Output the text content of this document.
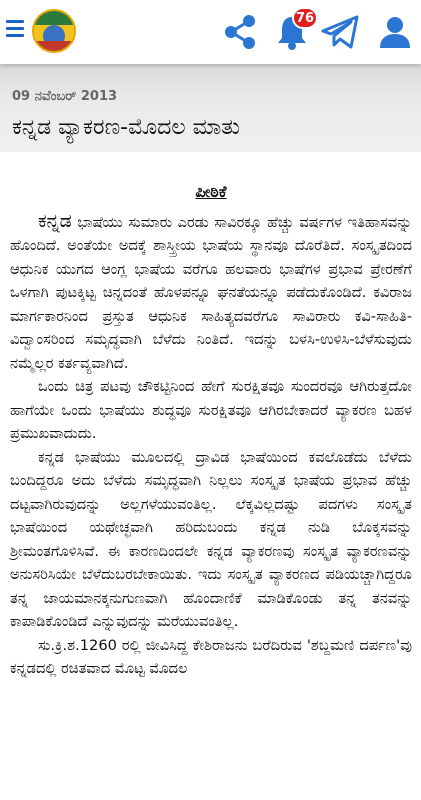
76
09 ನವೆಂಬರ್ 2013
ಕನ್ನಡ ವ್ಯಾಕರಣ-ಮೊದಲ ಮಾತು

ಪೀಠಿಕೆ

ಕನ್ನಡ ಭಾಷೆಯು ಸುಮಾರು ಎರಡು ಸಾವಿರಕ್ಕೂ ಹೆಚ್ಚು ವರ್ಷಗಳ ಇತಿಹಾಸವನ್ನು ಹೊಂದಿದೆ. ಅಂತೆಯೇ ಅದಕ್ಕೆ ಶಾಸ್ತ್ರೀಯ ಭಾಷೆಯ ಸ್ಥಾನವೂ ದೊರೆತಿದೆ. ಸಂಸ್ಕೃತದಿಂದ ಆಧುನಿಕ ಯುಗದ ಆಂಗ್ಲ ಭಾಷೆಯ ವರೆಗೂ ಹಲವಾರು ಭಾಷೆಗಳ ಪ್ರಭಾವ ಪ್ರೇರಣೆಗೆ ಒಳಗಾಗಿ ಪುಟಕ್ಕಿಟ್ಟ ಚಿನ್ನದಂತೆ ಹೊಳಪನ್ನೂ ಘನತೆಯನ್ನೂ ಪಡೆದುಕೊಂಡಿದೆ. ಕವಿರಾಜ ಮಾರ್ಗಕಾರನಿಂದ ಪ್ರಸ್ತುತ ಆಧುನಿಕ ಸಾಹಿತ್ಯದವರೆಗೂ ಸಾವಿರಾರು ಕವಿ-ಸಾಹಿತಿ-ವಿದ್ವಾಂಸರಿಂದ ಸಮೃದ್ಧವಾಗಿ ಬೆಳೆದು ನಿಂತಿದೆ. ಇದನ್ನು ಬಳಸಿ-ಉಳಿಸಿ-ಬೆಳೆಸುವುದು ನಮ್ಮೆಲ್ಲರ ಕರ್ತವ್ಯವಾಗಿದೆ.

ಒಂದು ಚಿತ್ರ ಪಟವು ಚೌಕಟ್ಟಿನಿಂದ ಹೇಗೆ ಸುರಕ್ಷಿತವೂ ಸುಂದರವೂ ಆಗಿರುತ್ತದೋ ಹಾಗೆಯೇ ಒಂದು ಭಾಷೆಯು ಶುದ್ಧವೂ ಸುರಕ್ಷಿತವೂ ಆಗಿರಬೇಕಾದರೆ ವ್ಯಾಕರಣ ಬಹಳ ಪ್ರಮುಖವಾದುದು.

ಕನ್ನಡ ಭಾಷೆಯು ಮೂಲದಲ್ಲಿ ದ್ರಾವಿಡ ಭಾಷೆಯಿಂದ ಕವಲೊಡೆದು ಬೆಳೆದು ಬಂದಿದ್ದರೂ ಅದು ಬೆಳೆದು ಸಮೃದ್ಧವಾಗಿ ನಿಲ್ಲಲು ಸಂಸ್ಕೃತ ಭಾಷೆಯ ಪ್ರಭಾವ ಹೆಚ್ಚು ದಟ್ಟವಾಗಿರುವುದನ್ನು ಅಲ್ಲಗಳೆಯುವಂತಿಲ್ಲ. ಲೆಕ್ಕವಿಲ್ಲದಷ್ಟು ಪದಗಳು ಸಂಸ್ಕೃತ ಭಾಷೆಯಿಂದ ಯಥೇಚ್ಛವಾಗಿ ಹರಿದುಬಂದು ಕನ್ನಡ ನುಡಿ ಬೊಕ್ಕಸವನ್ನು ಶ್ರೀಮಂತಗೊಳಿಸಿವೆ. ಈ ಕಾರಣದಿಂದಲೇ ಕನ್ನಡ ವ್ಯಾಕರಣವು ಸಂಸ್ಕೃತ ವ್ಯಾಕರಣವನ್ನು ಅನುಸರಿಸಿಯೇ ಬೆಳೆದುಬರಬೇಕಾಯಿತು. ಇದು ಸಂಸ್ಕೃತ ವ್ಯಾಕರಣದ ಪಡಿಯಚ್ಚಾಗಿದ್ದರೂ ತನ್ನ ಜಾಯಮಾನಕ್ಕನುಗುಣವಾಗಿ ಹೊಂದಾಣಿಕೆ ಮಾಡಿಕೊಂಡು ತನ್ನ ತನವನ್ನು ಕಾಪಾಡಿಕೊಂಡಿದೆ ಎನ್ನುವುದನ್ನು ಮರೆಯುವಂತಿಲ್ಲ.

ಸು.ಕ್ರಿ.ಶ.1260 ರಲ್ಲಿ ಜೀವಿಸಿದ್ದ ಕೇಶಿರಾಜನು ಬರೆದಿರುವ 'ಶಬ್ದಮಣಿ ದರ್ಪಣ'ವು ಕನ್ನಡದಲ್ಲಿ ರಚಿತವಾದ ಮೊಟ್ಟ ಮೊದಲ
